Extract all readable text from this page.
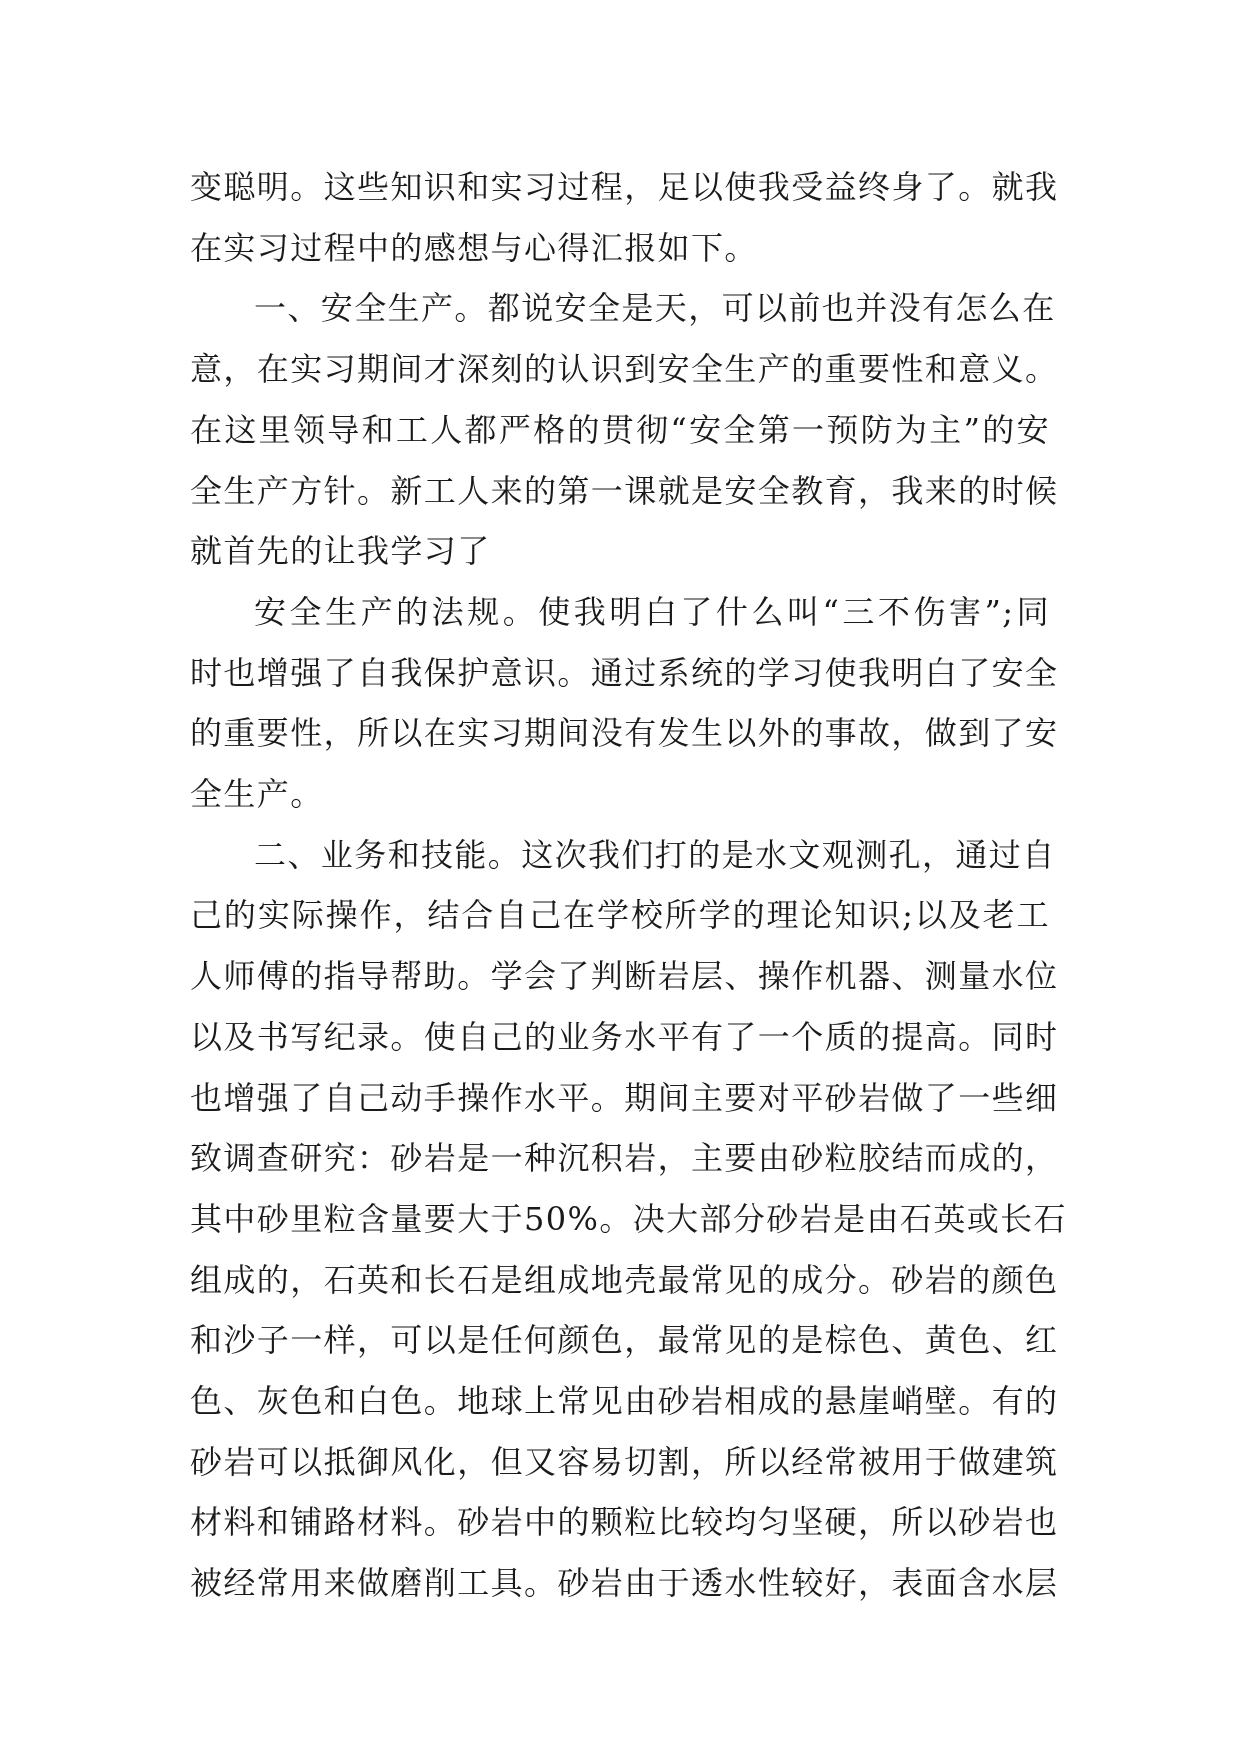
变聪明。这些知识和实习过程，足以使我受益终身了。就我
在实习过程中的感想与心得汇报如下。
一、安全生产。都说安全是天，可以前也并没有怎么在
意，在实习期间才深刻的认识到安全生产的重要性和意义。
在这里领导和工人都严格的贯彻“安全第一预防为主”的安
全生产方针。新工人来的第一课就是安全教育，我来的时候
就首先的让我学习了
安全生产的法规。使我明白了什么叫“三不伤害”;同
时也增强了自我保护意识。通过系统的学习使我明白了安全
的重要性，所以在实习期间没有发生以外的事故，做到了安
全生产。
二、业务和技能。这次我们打的是水文观测孔，通过自
己的实际操作，结合自己在学校所学的理论知识;以及老工
人师傅的指导帮助。学会了判断岩层、操作机器、测量水位
以及书写纪录。使自己的业务水平有了一个质的提高。同时
也增强了自己动手操作水平。期间主要对平砂岩做了一些细
致调查研究：砂岩是一种沉积岩，主要由砂粒胶结而成的，
其中砂里粒含量要大于50%。决大部分砂岩是由石英或长石
组成的，石英和长石是组成地壳最常见的成分。砂岩的颜色
和沙子一样，可以是任何颜色，最常见的是棕色、黄色、红
色、灰色和白色。地球上常见由砂岩相成的悬崖峭壁。有的
砂岩可以抵御风化，但又容易切割，所以经常被用于做建筑
材料和铺路材料。砂岩中的颗粒比较均匀坚硬，所以砂岩也
被经常用来做磨削工具。砂岩由于透水性较好，表面含水层
